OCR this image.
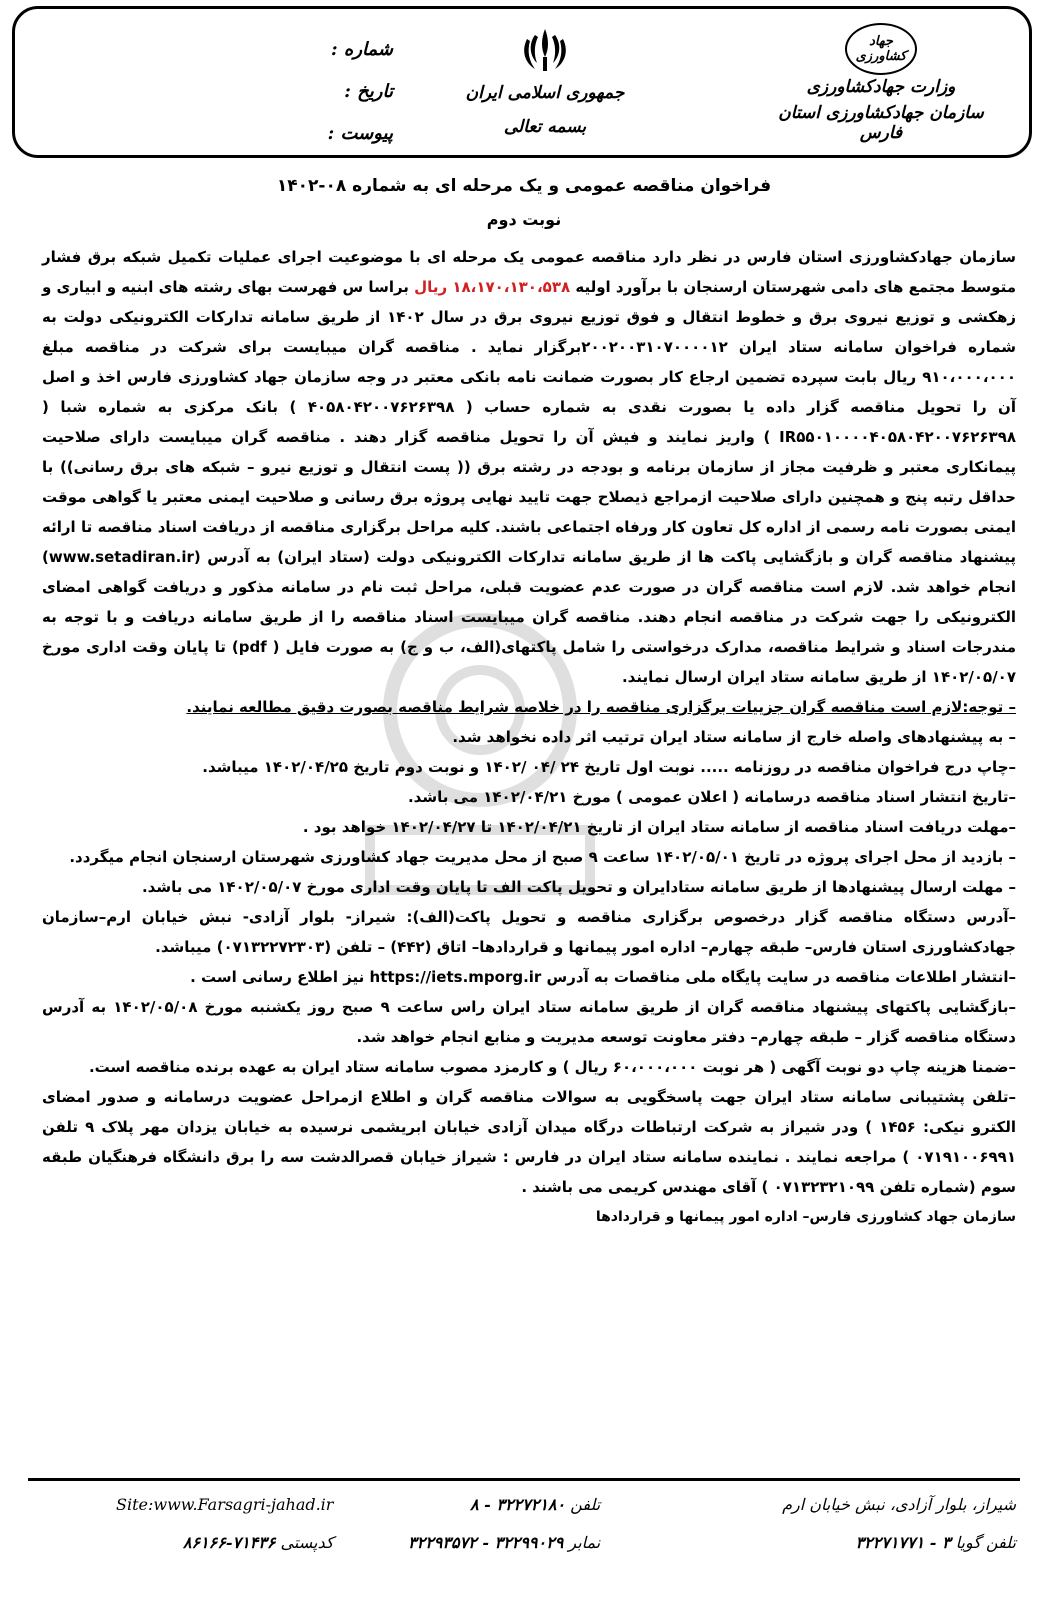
جهاد کشاورزی
وزارت جهادکشاورزی
سازمان جهادکشاورزی استان فارس
جمهوری اسلامی ایران
بسمه تعالی
شماره :
تاریخ :
پیوست :
فراخوان مناقصه عمومی و یک مرحله ای به شماره ۰۸-۱۴۰۲
نوبت دوم

سازمان جهادکشاورزی استان فارس در نظر دارد مناقصه عمومی یک مرحله ای با موضوعیت اجرای عملیات تکمیل شبکه برق فشار متوسط مجتمع های دامی شهرستان ارسنجان با برآورد اولیه ۱۸،۱۷۰،۱۳۰،۵۳۸ ریال براسا س فهرست بهای رشته های ابنیه و ابیاری و زهکشی و توزیع نیروی برق و خطوط انتقال و فوق توزیع نیروی برق در سال ۱۴۰۲ از طریق سامانه تدارکات الکترونیکی دولت به شماره فراخوان سامانه ستاد ایران ۲۰۰۲۰۰۳۱۰۷۰۰۰۰۱۲برگزار نماید . مناقصه گران میبایست برای شرکت در مناقصه مبلغ ۹۱۰،۰۰۰،۰۰۰ ریال بابت سپرده تضمین ارجاع کار بصورت ضمانت نامه بانکی معتبر در وجه سازمان جهاد کشاورزی فارس اخذ و اصل آن را تحویل مناقصه گزار داده یا بصورت نقدی به شماره حساب ( ۴۰۵۸۰۴۲۰۰۷۶۲۶۳۹۸ ) بانک مرکزی به شماره شبا ( IR۵۵۰۱۰۰۰۰۴۰۵۸۰۴۲۰۰۷۶۲۶۳۹۸ ) واریز نمایند و فیش آن را تحویل مناقصه گزار دهند . مناقصه گران میبایست دارای صلاحیت پیمانکاری معتبر و ظرفیت مجاز از سازمان برنامه و بودجه در رشته برق (( پست انتقال و توزیع نیرو – شبکه های برق رسانی)) با حداقل رتبه پنج و همچنین دارای صلاحیت ازمراجع ذیصلاح جهت تایید نهایی پروژه برق رسانی و صلاحیت ایمنی معتبر یا گواهی موقت ایمنی بصورت نامه رسمی از اداره کل تعاون کار ورفاه اجتماعی باشند. کلیه مراحل برگزاری مناقصه از دریافت اسناد مناقصه تا ارائه پیشنهاد مناقصه گران و بازگشایی پاکت ها از طریق سامانه تدارکات الکترونیکی دولت (ستاد ایران) به آدرس (www.setadiran.ir) انجام خواهد شد. لازم است مناقصه گران در صورت عدم عضویت قبلی، مراحل ثبت نام در سامانه مذکور و دریافت گواهی امضای الکترونیکی را جهت شرکت در مناقصه انجام دهند. مناقصه گران میبایست اسناد مناقصه را از طریق سامانه دریافت و با توجه به مندرجات اسناد و شرایط مناقصه، مدارک درخواستی را شامل پاکتهای(الف، ب و ج) به صورت فایل ( pdf) تا پایان وقت اداری مورخ ۱۴۰۲/۰۵/۰۷ از طریق سامانه ستاد ایران ارسال نمایند.

– توجه:لازم است مناقصه گران جزییات برگزاری مناقصه را در خلاصه شرایط مناقصه بصورت دقیق مطالعه نمایند.

– به پیشنهادهای واصله خارج از سامانه ستاد ایران ترتیب اثر داده نخواهد شد.

–چاپ درج فراخوان مناقصه در روزنامه ..... نوبت اول تاریخ ۲۴ /۰۴ /۱۴۰۲ و نوبت دوم تاریخ ۱۴۰۲/۰۴/۲۵ میباشد.

–تاریخ انتشار اسناد مناقصه درسامانه ( اعلان عمومی ) مورخ ۱۴۰۲/۰۴/۲۱ می باشد.

–مهلت دریافت اسناد مناقصه از سامانه ستاد ایران از تاریخ ۱۴۰۲/۰۴/۲۱ تا ۱۴۰۲/۰۴/۲۷ خواهد بود .

– بازدید از محل اجرای پروژه در تاریخ ۱۴۰۲/۰۵/۰۱ ساعت ۹ صبح از محل مدیریت جهاد کشاورزی شهرستان ارسنجان انجام میگردد.

– مهلت ارسال پیشنهادها از طریق سامانه ستادایران و تحویل پاکت الف تا پایان وقت اداری مورخ ۱۴۰۲/۰۵/۰۷ می باشد.

–آدرس دستگاه مناقصه گزار درخصوص برگزاری مناقصه و تحویل پاکت(الف): شیراز- بلوار آزادی- نبش خیابان ارم–سازمان جهادکشاورزی استان فارس– طبقه چهارم– اداره امور پیمانها و قراردادها– اتاق (۴۴۲) – تلفن (۰۷۱۳۲۲۷۲۳۰۳) میباشد.

–انتشار اطلاعات مناقصه در سایت پایگاه ملی مناقصات به آدرس https://iets.mporg.ir نیز اطلاع رسانی است .

–بازگشایی پاکتهای پیشنهاد مناقصه گران از طریق سامانه ستاد ایران راس ساعت ۹ صبح روز یکشنبه مورخ ۱۴۰۲/۰۵/۰۸ به آدرس دستگاه مناقصه گزار – طبقه چهارم– دفتر معاونت توسعه مدیریت و منابع انجام خواهد شد.

–ضمنا هزینه چاپ دو نوبت آگهی ( هر نوبت ۶۰،۰۰۰،۰۰۰ ریال ) و کارمزد مصوب سامانه ستاد ایران به عهده برنده مناقصه است.

–تلفن پشتیبانی سامانه ستاد ایران جهت پاسخگویی به سوالات مناقصه گران و اطلاع ازمراحل عضویت درسامانه و صدور امضای الکترو نیکی: ۱۴۵۶ ) ودر شیراز به شرکت ارتباطات درگاه میدان آزادی خیابان ابریشمی نرسیده به خیابان یزدان مهر پلاک ۹ تلفن ۰۷۱۹۱۰۰۶۹۹۱ ) مراجعه نمایند . نماینده سامانه ستاد ایران در فارس : شیراز خیابان قصرالدشت سه را برق دانشگاه فرهنگیان طبقه سوم (شماره تلفن ۰۷۱۳۲۳۲۱۰۹۹ ) آقای مهندس کریمی می باشند .

سازمان جهاد کشاورزی فارس– اداره امور پیمانها و قراردادها

شیراز، بلوار آزادی، نبش خیابان ارم
تلفن گویا ۳ - ۳۲۲۷۱۷۷۱
تلفن ۳۲۲۷۲۱۸۰ - ۸
نمابر ۳۲۲۹۹۰۲۹ - ۳۲۲۹۳۵۷۲
Site:www.Farsagri-jahad.ir
کدپستی ۷۱۴۳۶-۸۶۱۶۶
